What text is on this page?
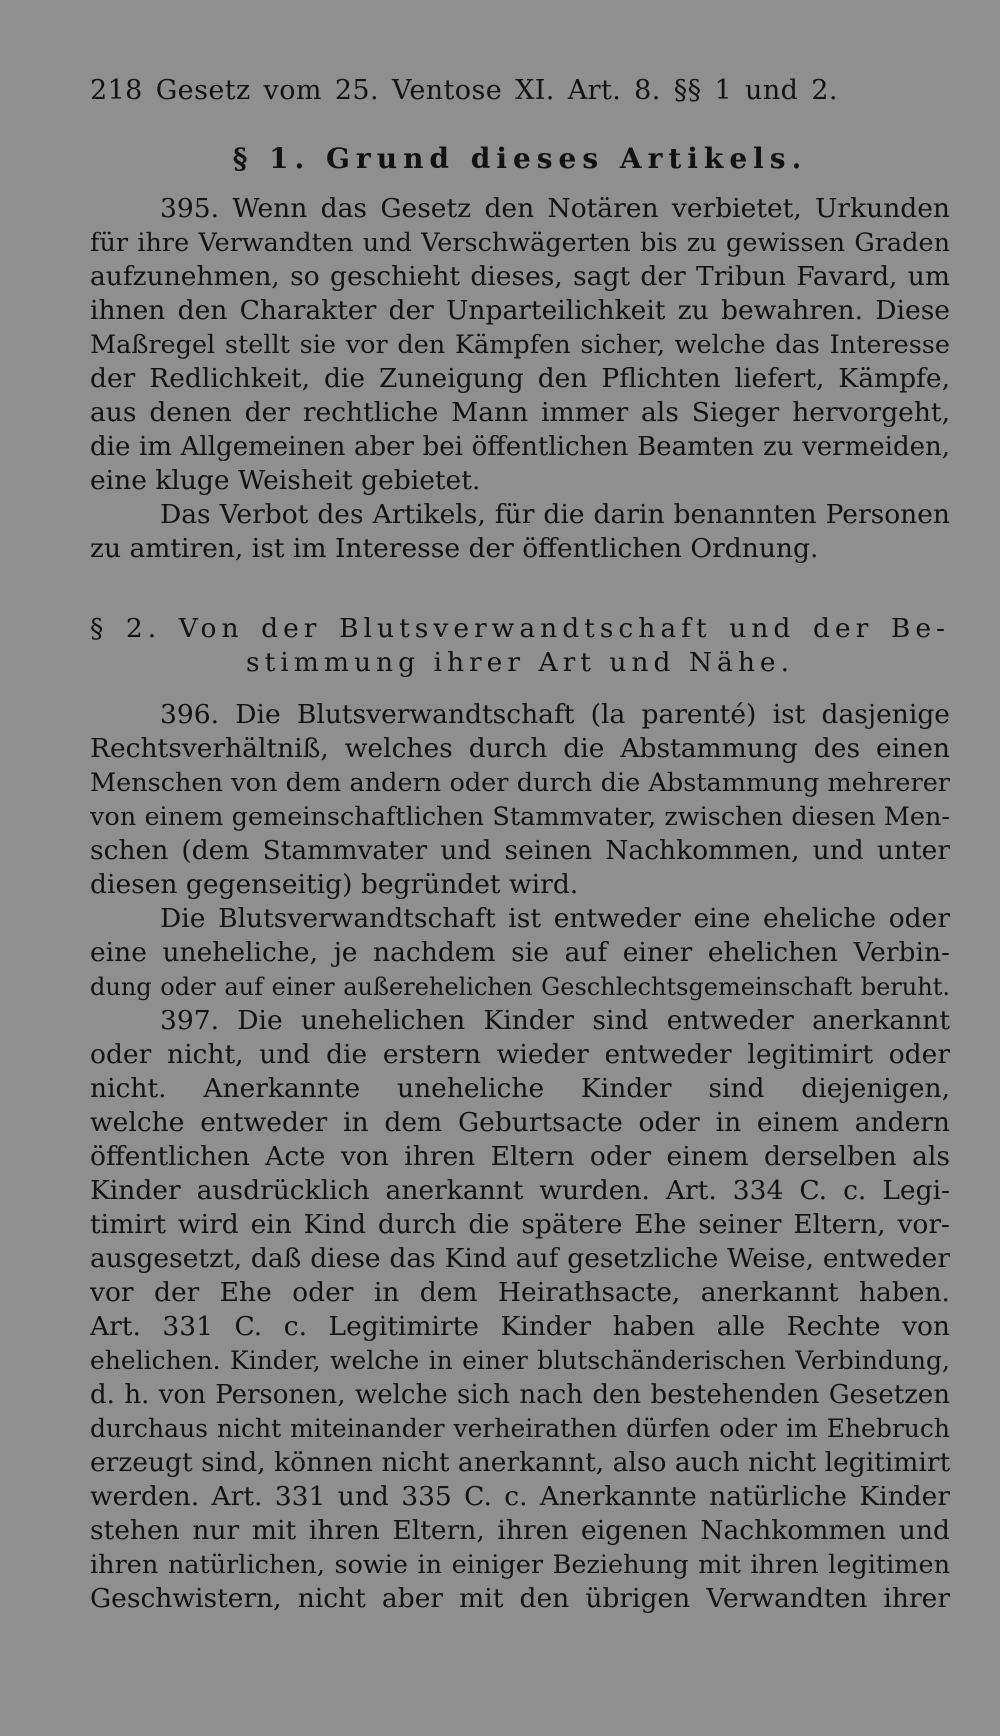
218 Gesetz vom 25. Ventose XI. Art. 8. §§ 1 und 2.
§ 1. Grund dieses Artikels.
395. Wenn das Gesetz den Notären verbietet, Urkunden
für ihre Verwandten und Verschwägerten bis zu gewissen Graden
aufzunehmen, so geschieht dieses, sagt der Tribun Favard, um
ihnen den Charakter der Unparteilichkeit zu bewahren. Diese
Maßregel stellt sie vor den Kämpfen sicher, welche das Interesse
der Redlichkeit, die Zuneigung den Pflichten liefert, Kämpfe,
aus denen der rechtliche Mann immer als Sieger hervorgeht,
die im Allgemeinen aber bei öffentlichen Beamten zu vermeiden,
eine kluge Weisheit gebietet.
Das Verbot des Artikels, für die darin benannten Personen
zu amtiren, ist im Interesse der öffentlichen Ordnung.
§ 2. Von der Blutsverwandtschaft und der Be-
stimmung ihrer Art und Nähe.
396. Die Blutsverwandtschaft (la parenté) ist dasjenige
Rechtsverhältniß, welches durch die Abstammung des einen
Menschen von dem andern oder durch die Abstammung mehrerer
von einem gemeinschaftlichen Stammvater, zwischen diesen Men-
schen (dem Stammvater und seinen Nachkommen, und unter
diesen gegenseitig) begründet wird.
Die Blutsverwandtschaft ist entweder eine eheliche oder
eine uneheliche, je nachdem sie auf einer ehelichen Verbin-
dung oder auf einer außerehelichen Geschlechtsgemeinschaft beruht.
397. Die unehelichen Kinder sind entweder anerkannt
oder nicht, und die erstern wieder entweder legitimirt oder
nicht. Anerkannte uneheliche Kinder sind diejenigen,
welche entweder in dem Geburtsacte oder in einem andern
öffentlichen Acte von ihren Eltern oder einem derselben als
Kinder ausdrücklich anerkannt wurden. Art. 334 C. c. Legi-
timirt wird ein Kind durch die spätere Ehe seiner Eltern, vor-
ausgesetzt, daß diese das Kind auf gesetzliche Weise, entweder
vor der Ehe oder in dem Heirathsacte, anerkannt haben.
Art. 331 C. c. Legitimirte Kinder haben alle Rechte von
ehelichen. Kinder, welche in einer blutschänderischen Verbindung,
d. h. von Personen, welche sich nach den bestehenden Gesetzen
durchaus nicht miteinander verheirathen dürfen oder im Ehebruch
erzeugt sind, können nicht anerkannt, also auch nicht legitimirt
werden. Art. 331 und 335 C. c. Anerkannte natürliche Kinder
stehen nur mit ihren Eltern, ihren eigenen Nachkommen und
ihren natürlichen, sowie in einiger Beziehung mit ihren legitimen
Geschwistern, nicht aber mit den übrigen Verwandten ihrer
